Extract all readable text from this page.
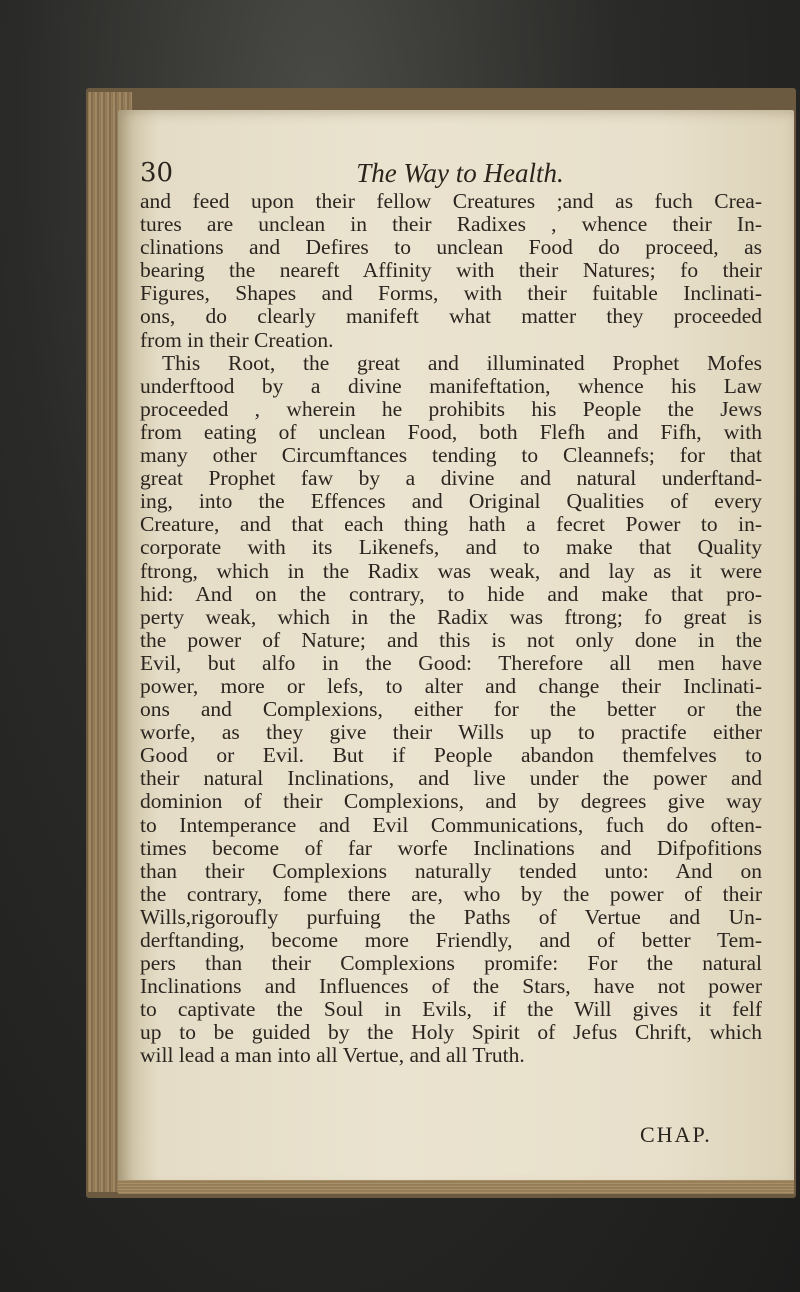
30	The Way to Health.
and feed upon their fellow Creatures ;and as fuch Crea-
tures are unclean in their Radixes , whence their In-
clinations and Defires to unclean Food do proceed, as
bearing the neareft Affinity with their Natures; fo their
Figures, Shapes and Forms, with their fuitable Inclinati-
ons, do clearly manifeft what matter they proceeded
from in their Creation.
This Root, the great and illuminated Prophet Mofes
underftood by a divine manifeftation, whence his Law
proceeded , wherein he prohibits his People the Jews
from eating of unclean Food, both Flefh and Fifh, with
many other Circumftances tending to Cleannefs; for that
great Prophet faw by a divine and natural underftand-
ing, into the Effences and Original Qualities of every
Creature, and that each thing hath a fecret Power to in-
corporate with its Likenefs, and to make that Quality
ftrong, which in the Radix was weak, and lay as it were
hid: And on the contrary, to hide and make that pro-
perty weak, which in the Radix was ftrong; fo great is
the power of Nature; and this is not only done in the
Evil, but alfo in the Good: Therefore all men have
power, more or lefs, to alter and change their Inclinati-
ons and Complexions, either for the better or the
worfe, as they give their Wills up to practife either
Good or Evil. But if People abandon themfelves to
their natural Inclinations, and live under the power and
dominion of their Complexions, and by degrees give way
to Intemperance and Evil Communications, fuch do often-
times become of far worfe Inclinations and Difpofitions
than their Complexions naturally tended unto: And on
the contrary, fome there are, who by the power of their
Wills,rigoroufly purfuing the Paths of Vertue and Un-
derftanding, become more Friendly, and of better Tem-
pers than their Complexions promife: For the natural
Inclinations and Influences of the Stars, have not power
to captivate the Soul in Evils, if the Will gives it felf
up to be guided by the Holy Spirit of Jefus Chrift, which
will lead a man into all Vertue, and all Truth.
CHAP.
